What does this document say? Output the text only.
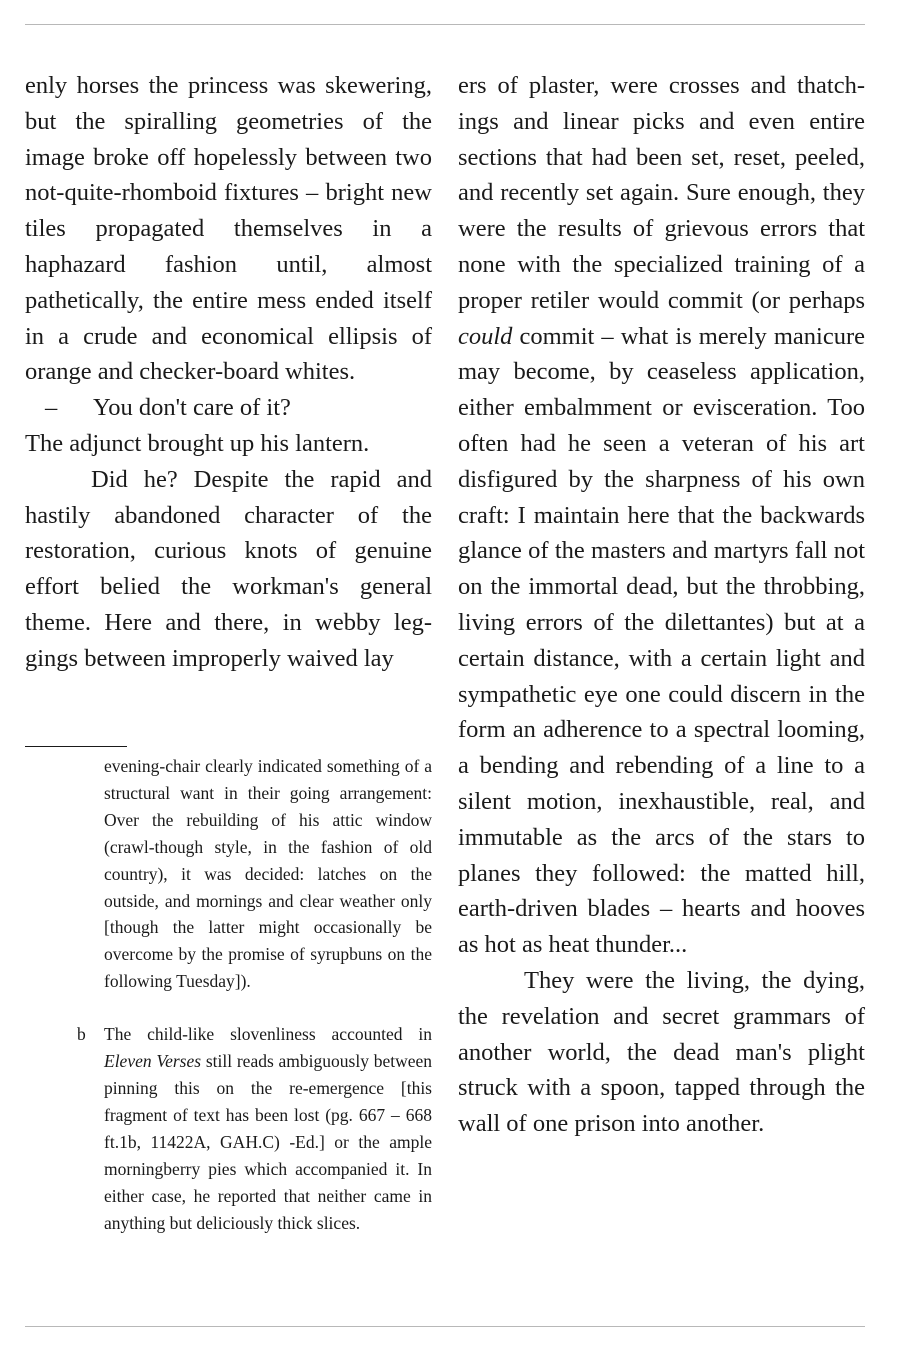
enly horses the princess was skewering, but the spiralling geometries of the image broke off hopelessly between two not-quite-rhomboid fixtures – bright new tiles propagated themselves in a haphazard fashion until, almost pathetically, the entire mess ended itself in a crude and economical ellipsis of orange and checker-board whites.

– You don't care of it?

The adjunct brought up his lantern.

Did he? Despite the rapid and hastily abandoned character of the restoration, curious knots of genuine effort belied the workman's general theme. Here and there, in webby leggings between improperly waived lay

evening-chair clearly indicated something of a structural want in their going arrangement: Over the rebuilding of his attic window (crawl-though style, in the fashion of old country), it was decided: latches on the outside, and mornings and clear weather only [though the latter might occasionally be overcome by the promise of syrupbuns on the following Tuesday]).

b The child-like slovenliness accounted in Eleven Verses still reads ambiguously between pinning this on the re-emergence [this fragment of text has been lost (pg. 667 – 668 ft.1b, 11422A, GAH.C) -Ed.] or the ample morningberry pies which accompanied it. In either case, he reported that neither came in anything but deliciously thick slices.

ers of plaster, were crosses and thatchings and linear picks and even entire sections that had been set, reset, peeled, and recently set again. Sure enough, they were the results of grievous errors that none with the specialized training of a proper retiler would commit (or perhaps could commit – what is merely manicure may become, by ceaseless application, either embalmment or evisceration. Too often had he seen a veteran of his art disfigured by the sharpness of his own craft: I maintain here that the backwards glance of the masters and martyrs fall not on the immortal dead, but the throbbing, living errors of the dilettantes) but at a certain distance, with a certain light and sympathetic eye one could discern in the form an adherence to a spectral looming, a bending and rebending of a line to a silent motion, inexhaustible, real, and immutable as the arcs of the stars to planes they followed: the matted hill, earth-driven blades – hearts and hooves as hot as heat thunder...

They were the living, the dying, the revelation and secret grammars of another world, the dead man's plight struck with a spoon, tapped through the wall of one prison into another.
